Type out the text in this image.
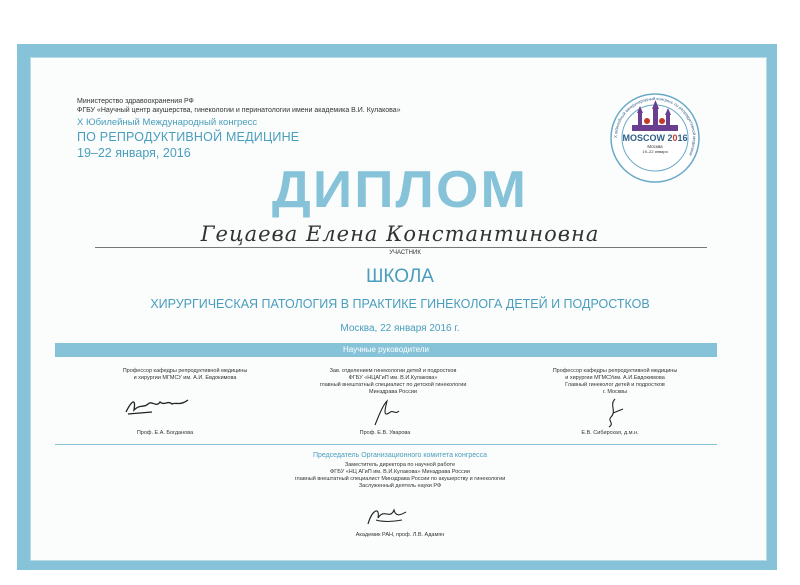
Министерство здравоохранения РФ
ФГБУ «Научный центр акушерства, гинекологии и перинатологии имени академика В.И. Кулакова»
X Юбилейный Международный конгресс
ПО РЕПРОДУКТИВНОЙ МЕДИЦИНЕ
19–22 января, 2016
X юбилейный международный конгресс по репродуктивной медицине
MOSCOW 2016
Москва
19–22 января
ДИПЛОМ
Гецаева Елена Константиновна
УЧАСТНИК
ШКОЛА
ХИРУРГИЧЕСКАЯ ПАТОЛОГИЯ В ПРАКТИКЕ ГИНЕКОЛОГА ДЕТЕЙ И ПОДРОСТКОВ
Москва, 22 января 2016 г.
Научные руководители
Профессор кафедры репродуктивной медицины
и хирургии МГМСУ им. А.И. Евдокимова
Зав. отделением гинекологии детей и подростков
ФГБУ «НЦАГиП им. В.И.Кулакова»
главный внештатный специалист по детской гинекологии
Минздрава России
Профессор кафедры репродуктивной медицины
и хирургии МГМСУим. А.И.Евдокимова
Главный гинеколог детей и подростков
г. Москвы
Проф. Е.А. Богданова	Проф. Е.В. Уварова	Е.В. Сибирская, д.м.н.
Председатель Организационного комитета конгресса
Заместитель директора по научной работе
ФГБУ «НЦ АГиП им. В.И.Кулакова» Минздрава России
главный внештатный специалист Минздрава России по акушерству и гинекологии
Заслуженный деятель науки РФ
Академик РАН, проф. Л.В. Адамян
